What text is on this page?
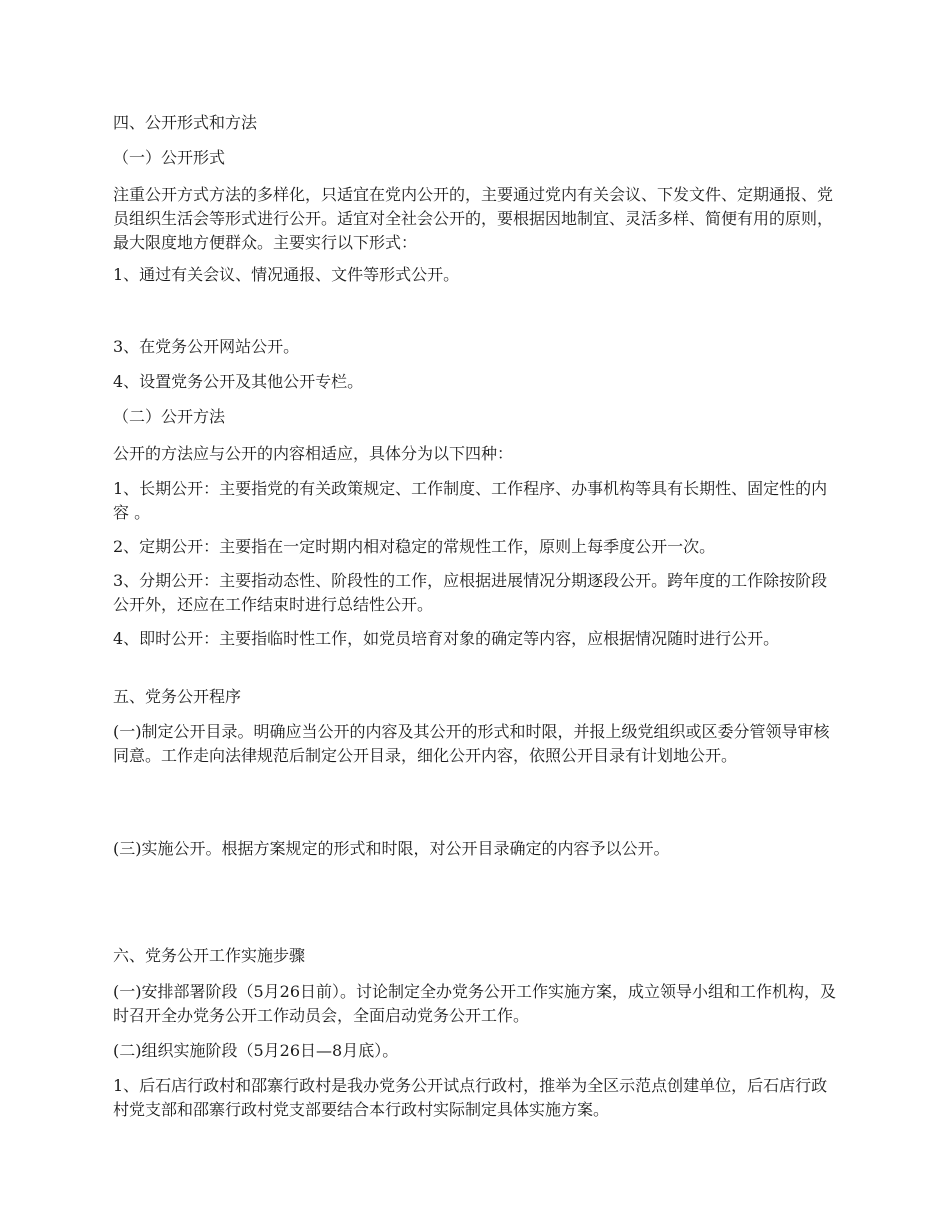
四、公开形式和方法
（一）公开形式
注重公开方式方法的多样化，只适宜在党内公开的，主要通过党内有关会议、下发文件、定期通报、党员组织生活会等形式进行公开。适宜对全社会公开的，要根据因地制宜、灵活多样、简便有用的原则，最大限度地方便群众。主要实行以下形式：
1、通过有关会议、情况通报、文件等形式公开。
3、在党务公开网站公开。
4、设置党务公开及其他公开专栏。
（二）公开方法
公开的方法应与公开的内容相适应，具体分为以下四种：
1、长期公开：主要指党的有关政策规定、工作制度、工作程序、办事机构等具有长期性、固定性的内容 。
2、定期公开：主要指在一定时期内相对稳定的常规性工作，原则上每季度公开一次。
3、分期公开：主要指动态性、阶段性的工作，应根据进展情况分期逐段公开。跨年度的工作除按阶段公开外，还应在工作结束时进行总结性公开。
4、即时公开：主要指临时性工作，如党员培育对象的确定等内容，应根据情况随时进行公开。
五、党务公开程序
(一)制定公开目录。明确应当公开的内容及其公开的形式和时限，并报上级党组织或区委分管领导审核同意。工作走向法律规范后制定公开目录，细化公开内容，依照公开目录有计划地公开。
(三)实施公开。根据方案规定的形式和时限，对公开目录确定的内容予以公开。
六、党务公开工作实施步骤
(一)安排部署阶段（5月26日前）。讨论制定全办党务公开工作实施方案，成立领导小组和工作机构，及时召开全办党务公开工作动员会，全面启动党务公开工作。
(二)组织实施阶段（5月26日—8月底）。
1、后石店行政村和邵寨行政村是我办党务公开试点行政村，推举为全区示范点创建单位，后石店行政村党支部和邵寨行政村党支部要结合本行政村实际制定具体实施方案。
